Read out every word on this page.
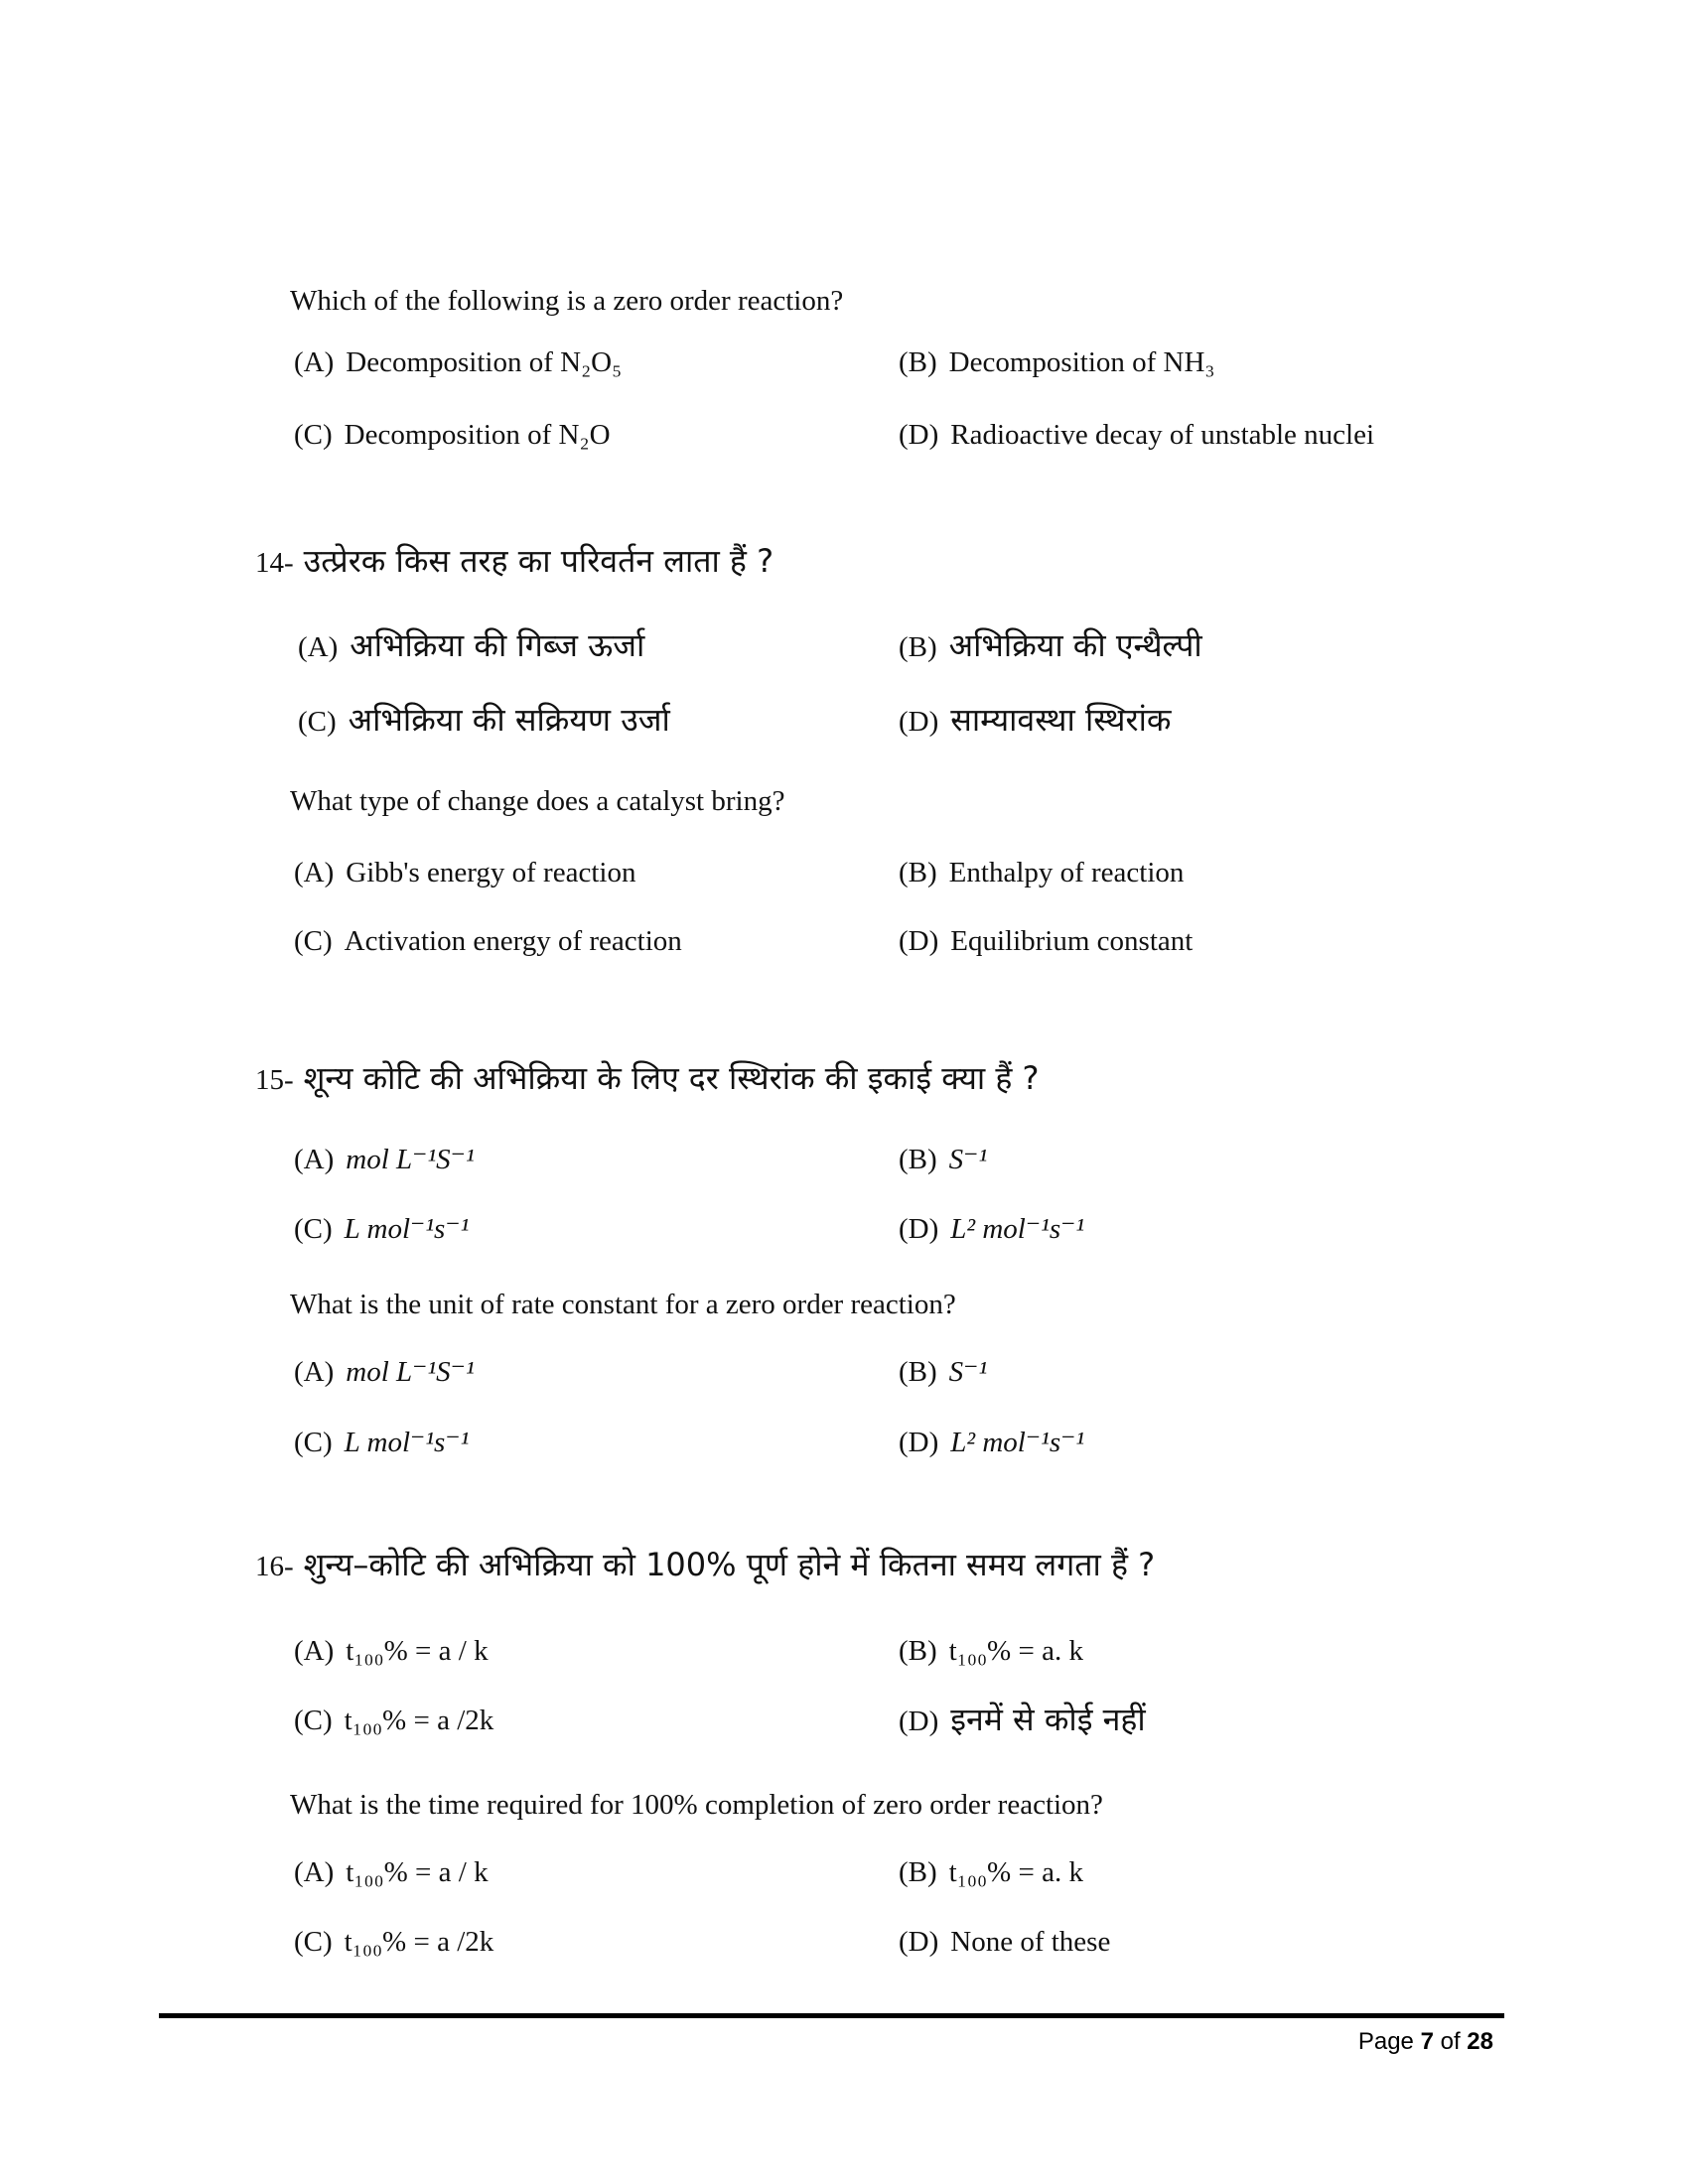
Which of the following is a zero order reaction?
(A) Decomposition of N₂O₅	(B) Decomposition of NH₃
(C) Decomposition of N₂O	(D) Radioactive decay of unstable nuclei
14- उत्प्रेरक किस तरह का परिवर्तन लाता हैं ?
(A) अभिक्रिया की गिब्ज ऊर्जा	(B) अभिक्रिया की एन्थैल्पी
(C) अभिक्रिया की सक्रियण उर्जा	(D) साम्यावस्था स्थिरांक
What type of change does a catalyst bring?
(A) Gibb's energy of reaction	(B) Enthalpy of reaction
(C) Activation energy of reaction	(D) Equilibrium constant
15- शून्य कोटि की अभिक्रिया के लिए दर स्थिरांक की इकाई क्या हैं ?
(A) mol L⁻¹S⁻¹	(B) S⁻¹
(C) L mol⁻¹s⁻¹	(D) L² mol⁻¹s⁻¹
What is the unit of rate constant for a zero order reaction?
(A) mol L⁻¹S⁻¹	(B) S⁻¹
(C) L mol⁻¹s⁻¹	(D) L² mol⁻¹s⁻¹
16- शुन्य–कोटि की अभिक्रिया को 100% पूर्ण होने में कितना समय लगता हैं ?
(A) t₁₀₀% = a / k	(B) t₁₀₀% = a. k
(C) t₁₀₀% = a /2k	(D) इनमें से कोई नहीं
What is the time required for 100% completion of zero order reaction?
(A) t₁₀₀% = a / k	(B) t₁₀₀% = a. k
(C) t₁₀₀% = a /2k	(D) None of these
Page 7 of 28
